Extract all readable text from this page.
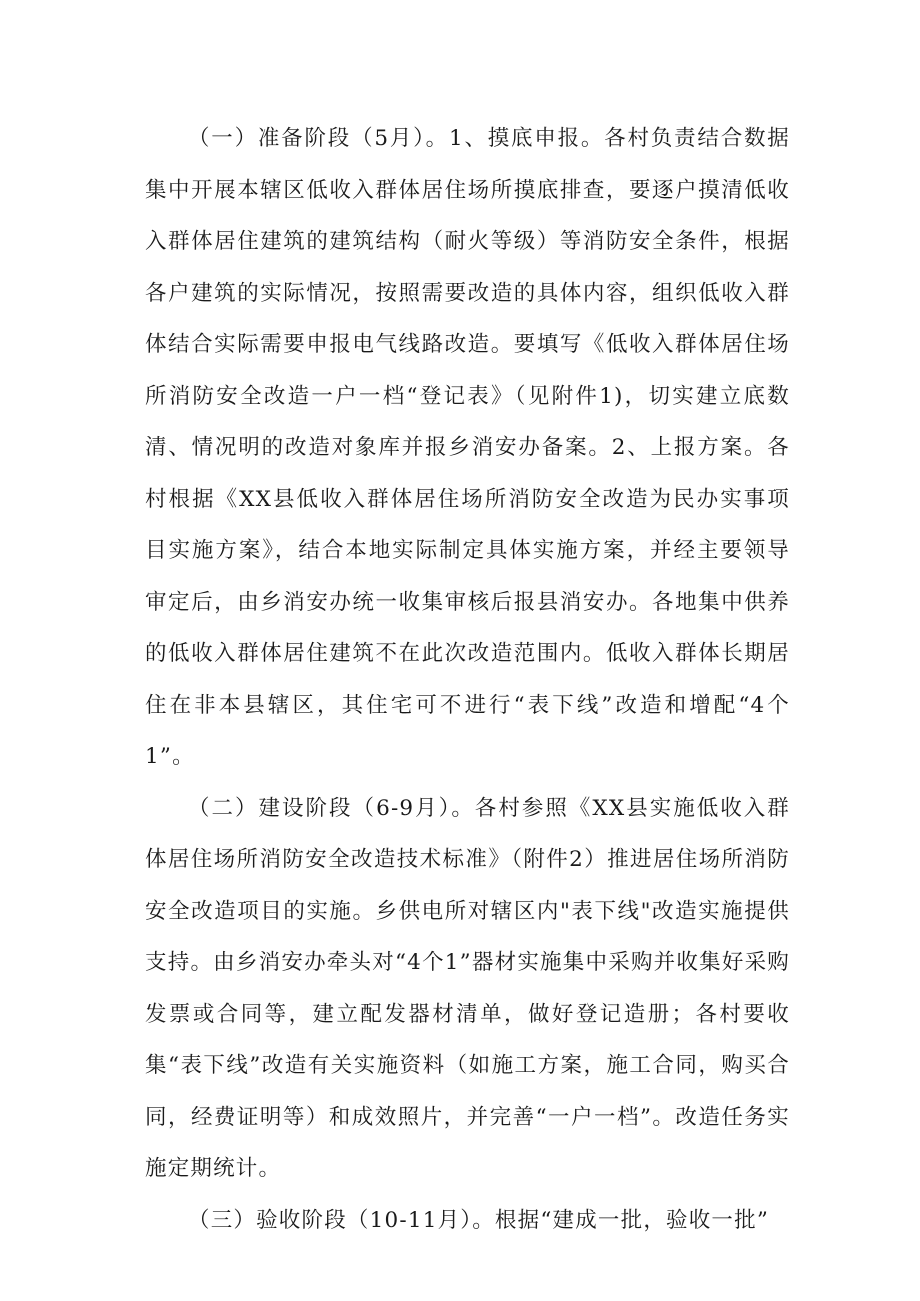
（一）准备阶段（5月）。1、摸底申报。各村负责结合数据集中开展本辖区低收入群体居住场所摸底排查，要逐户摸清低收入群体居住建筑的建筑结构（耐火等级）等消防安全条件，根据各户建筑的实际情况，按照需要改造的具体内容，组织低收入群体结合实际需要申报电气线路改造。要填写《低收入群体居住场所消防安全改造一户一档“登记表》（见附件1)，切实建立底数清、情况明的改造对象库并报乡消安办备案。2、上报方案。各村根据《XX县低收入群体居住场所消防安全改造为民办实事项目实施方案》，结合本地实际制定具体实施方案，并经主要领导审定后，由乡消安办统一收集审核后报县消安办。各地集中供养的低收入群体居住建筑不在此次改造范围内。低收入群体长期居住在非本县辖区，其住宅可不进行“表下线”改造和增配“4个1”。

（二）建设阶段（6-9月）。各村参照《XX县实施低收入群体居住场所消防安全改造技术标准》（附件2）推进居住场所消防安全改造项目的实施。乡供电所对辖区内"表下线"改造实施提供支持。由乡消安办牵头对“4个1”器材实施集中采购并收集好采购发票或合同等，建立配发器材清单，做好登记造册；各村要收集“表下线”改造有关实施资料（如施工方案，施工合同，购买合同，经费证明等）和成效照片，并完善“一户一档”。改造任务实施定期统计。

（三）验收阶段（10-11月）。根据“建成一批，验收一批”
